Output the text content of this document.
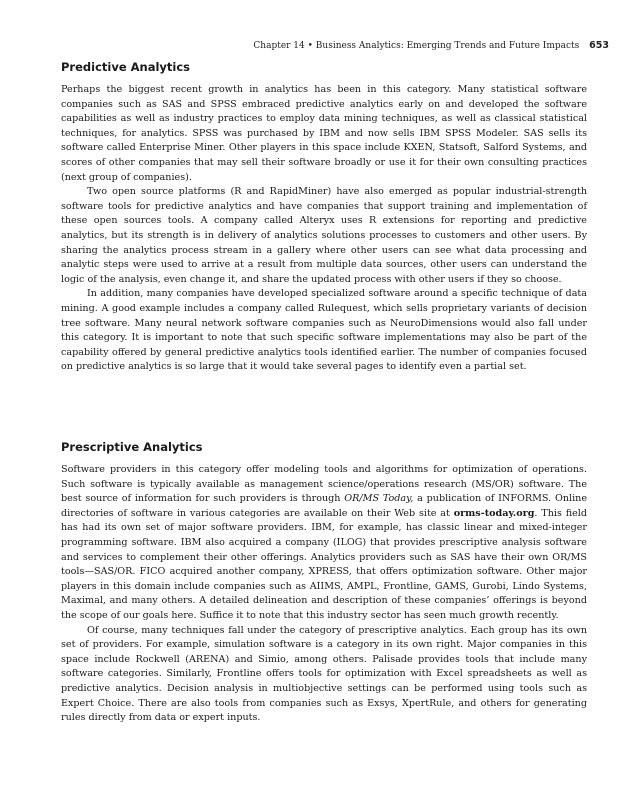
Chapter 14 • Business Analytics: Emerging Trends and Future Impacts 653
Predictive Analytics

Perhaps the biggest recent growth in analytics has been in this category. Many statistical software companies such as SAS and SPSS embraced predictive analytics early on and developed the software capabilities as well as industry practices to employ data mining techniques, as well as classical statistical techniques, for analytics. SPSS was purchased by IBM and now sells IBM SPSS Modeler. SAS sells its software called Enterprise Miner. Other players in this space include KXEN, Statsoft, Salford Systems, and scores of other companies that may sell their software broadly or use it for their own consulting practices (next group of companies).

Two open source platforms (R and RapidMiner) have also emerged as popular industrial-strength software tools for predictive analytics and have companies that support training and implementation of these open sources tools. A company called Alteryx uses R extensions for reporting and predictive analytics, but its strength is in delivery of analytics solutions processes to customers and other users. By sharing the analytics process stream in a gallery where other users can see what data processing and analytic steps were used to arrive at a result from multiple data sources, other users can understand the logic of the analysis, even change it, and share the updated process with other users if they so choose.

In addition, many companies have developed specialized software around a specific technique of data mining. A good example includes a company called Rulequest, which sells proprietary variants of decision tree software. Many neural network software companies such as NeuroDimensions would also fall under this category. It is important to note that such specific software implementations may also be part of the capability offered by general predictive analytics tools identified earlier. The number of companies focused on predictive analytics is so large that it would take several pages to identify even a partial set.

Prescriptive Analytics

Software providers in this category offer modeling tools and algorithms for optimization of operations. Such software is typically available as management science/operations research (MS/OR) software. The best source of information for such providers is through OR/MS Today, a publication of INFORMS. Online directories of software in various categories are available on their Web site at orms-today.org. This field has had its own set of major software providers. IBM, for example, has classic linear and mixed-integer programming software. IBM also acquired a company (ILOG) that provides prescriptive analysis software and services to complement their other offerings. Analytics providers such as SAS have their own OR/MS tools—SAS/OR. FICO acquired another company, XPRESS, that offers optimization software. Other major players in this domain include companies such as AIIMS, AMPL, Frontline, GAMS, Gurobi, Lindo Systems, Maximal, and many others. A detailed delineation and description of these companies’ offerings is beyond the scope of our goals here. Suffice it to note that this industry sector has seen much growth recently.

Of course, many techniques fall under the category of prescriptive analytics. Each group has its own set of providers. For example, simulation software is a category in its own right. Major companies in this space include Rockwell (ARENA) and Simio, among others. Palisade provides tools that include many software categories. Similarly, Frontline offers tools for optimization with Excel spreadsheets as well as predictive analytics. Decision analysis in multiobjective settings can be performed using tools such as Expert Choice. There are also tools from companies such as Exsys, XpertRule, and others for generating rules directly from data or expert inputs.
